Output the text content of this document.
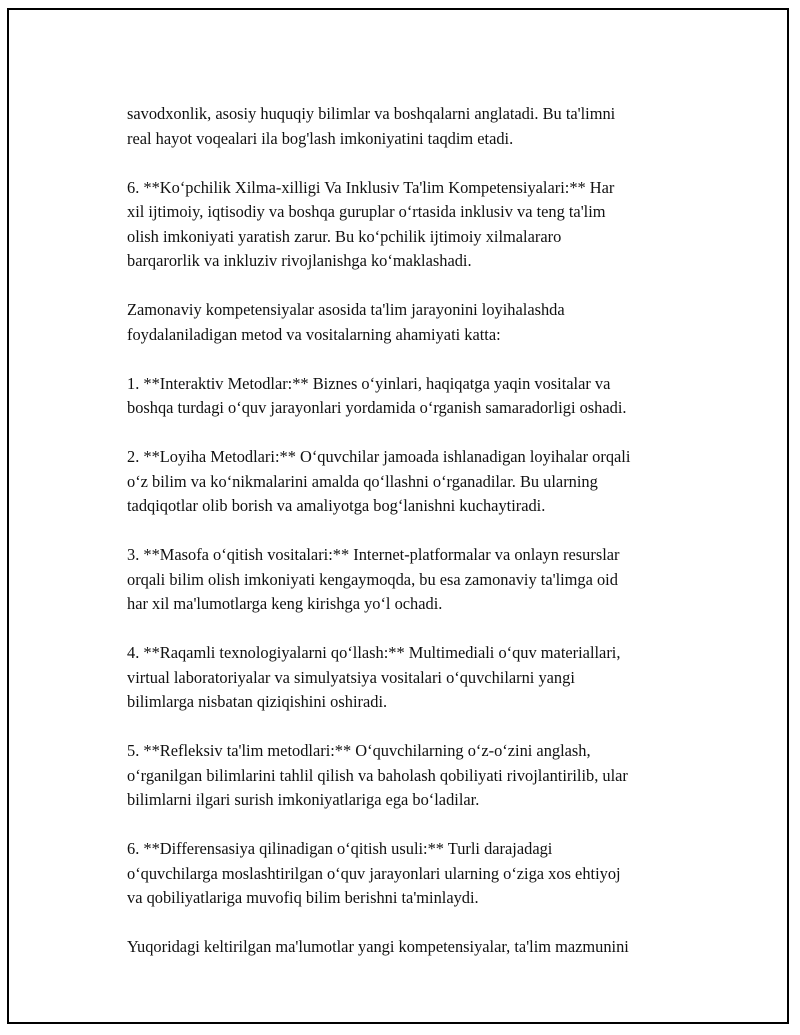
savodxonlik, asosiy huquqiy bilimlar va boshqalarni anglatadi. Bu ta'limni
real hayot voqealari ila bog'lash imkoniyatini taqdim etadi.

6. **Koʻpchilik Xilma-xilligi Va Inklusiv Ta'lim Kompetensiyalari:** Har
xil ijtimoiy, iqtisodiy va boshqa guruplar oʻrtasida inklusiv va teng ta'lim
olish imkoniyati yaratish zarur. Bu koʻpchilik ijtimoiy xilmalararo
barqarorlik va inkluziv rivojlanishga koʻmaklashadi.

Zamonaviy kompetensiyalar asosida ta'lim jarayonini loyihalashda
foydalaniladigan metod va vositalarning ahamiyati katta:

1. **Interaktiv Metodlar:** Biznes oʻyinlari, haqiqatga yaqin vositalar va
boshqa turdagi oʻquv jarayonlari yordamida oʻrganish samaradorligi oshadi.

2. **Loyiha Metodlari:** Oʻquvchilar jamoada ishlanadigan loyihalar orqali
oʻz bilim va koʻnikmalarini amalda qoʻllashni oʻrganadilar. Bu ularning
tadqiqotlar olib borish va amaliyotga bogʻlanishni kuchaytiradi.

3. **Masofa oʻqitish vositalari:** Internet-platformalar va onlayn resurslar
orqali bilim olish imkoniyati kengaymoqda, bu esa zamonaviy ta'limga oid
har xil ma'lumotlarga keng kirishga yoʻl ochadi.

4. **Raqamli texnologiyalarni qoʻllash:** Multimediali oʻquv materiallari,
virtual laboratoriyalar va simulyatsiya vositalari oʻquvchilarni yangi
bilimlarga nisbatan qiziqishini oshiradi.

5. **Refleksiv ta'lim metodlari:** Oʻquvchilarning oʻz-oʻzini anglash,
oʻrganilgan bilimlarini tahlil qilish va baholash qobiliyati rivojlantirilib, ular
bilimlarni ilgari surish imkoniyatlariga ega boʻladilar.

6. **Differensasiya qilinadigan oʻqitish usuli:** Turli darajadagi
oʻquvchilarga moslashtirilgan oʻquv jarayonlari ularning oʻziga xos ehtiyoj
va qobiliyatlariga muvofiq bilim berishni ta'minlaydi.

Yuqoridagi keltirilgan ma'lumotlar yangi kompetensiyalar, ta'lim mazmunini
